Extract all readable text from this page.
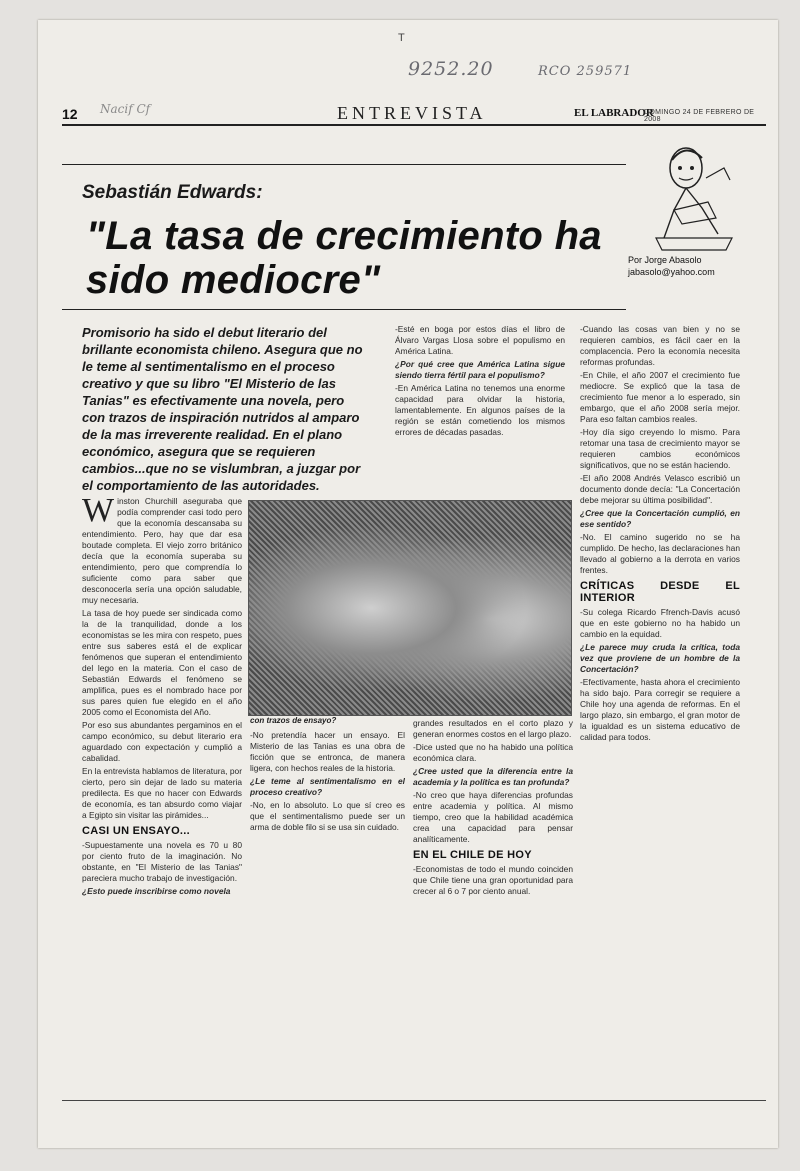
T
9252.20	RCO 259571
12 Nacif Cf	ENTREVISTA	EL LABRADOR
DOMINGO 24 DE FEBRERO DE 2008
Por Jorge Abasolo
jabasolo@yahoo.com
Sebastián Edwards:
"La tasa de crecimiento ha sido mediocre"
Promisorio ha sido el debut literario del brillante economista chileno. Asegura que no le teme al sentimentalismo en el proceso creativo y que su libro "El Misterio de las Tanias" es efectivamente una novela, pero con trazos de inspiración nutridos al amparo de la mas irreverente realidad. En el plano económico, asegura que se requieren cambios...que no se vislumbran, a juzgar por el comportamiento de las autoridades.

Winston Churchill aseguraba que podía comprender casi todo pero que la economía descansaba su entendimiento. Pero, hay que dar esa boutade completa. El viejo zorro británico decía que la economía superaba su entendimiento, pero que comprendía lo suficiente como para saber que desconocerla sería una opción saludable, muy necesaria.

La tasa de hoy puede ser sindicada como la de la tranquilidad, donde a los economistas se les mira con respeto, pues entre sus saberes está el de explicar fenómenos que superan el entendimiento del lego en la materia. Con el caso de Sebastián Edwards el fenómeno se amplifica, pues es el nombrado hace por sus pares quien fue elegido en el año 2005 como el Economista del Año.

Por eso sus abundantes pergaminos en el campo económico, su debut literario era aguardado con expectación y cumplió a cabalidad.

En la entrevista hablamos de literatura, por cierto, pero sin dejar de lado su materia predilecta. Es que no hacer con Edwards de economía, es tan absurdo como viajar a Egipto sin visitar las pirámides...

CASI UN ENSAYO...

-Supuestamente una novela es 70 u 80 por ciento fruto de la imaginación. No obstante, en "El Misterio de las Tanias" pareciera mucho trabajo de investigación.

¿Esto puede inscribirse como novela

-Esté en boga por estos días el libro de Álvaro Vargas Llosa sobre el populismo en América Latina.

¿Por qué cree que América Latina sigue siendo tierra fértil para el populismo?

-En América Latina no tenemos una enorme capacidad para olvidar la historia, lamentablemente. En algunos países de la región se están cometiendo los mismos errores de décadas pasadas.

-Cuando las cosas van bien y no se requieren cambios, es fácil caer en la complacencia. Pero la economía necesita reformas profundas.

-En Chile, el año 2007 el crecimiento fue mediocre. Se explicó que la tasa de crecimiento fue menor a lo esperado, sin embargo, que el año 2008 sería mejor. Para eso faltan cambios reales.

-Hoy día sigo creyendo lo mismo. Para retomar una tasa de crecimiento mayor se requieren cambios económicos significativos, que no se están haciendo.

-El año 2008 Andrés Velasco escribió un documento donde decía: "La Concertación debe mejorar su última posibilidad".

¿Cree que la Concertación cumplió, en ese sentido?

-No. El camino sugerido no se ha cumplido. De hecho, las declaraciones han llevado al gobierno a la derrota en varios frentes.

CRÍTICAS DESDE EL INTERIOR

-Su colega Ricardo Ffrench-Davis acusó que en este gobierno no ha habido un cambio en la equidad.

¿Le parece muy cruda la crítica, toda vez que proviene de un hombre de la Concertación?

-Efectivamente, hasta ahora el crecimiento ha sido bajo. Para corregir se requiere a Chile hoy una agenda de reformas. En el largo plazo, sin embargo, el gran motor de la igualdad es un sistema educativo de calidad para todos.

con trazos de ensayo?

-No pretendía hacer un ensayo. El Misterio de las Tanias es una obra de ficción que se entronca, de manera ligera, con hechos reales de la historia.

¿Le teme al sentimentalismo en el proceso creativo?

-No, en lo absoluto. Lo que sí creo es que el sentimentalismo puede ser un arma de doble filo si se usa sin cuidado.

grandes resultados en el corto plazo y generan enormes costos en el largo plazo.

-Dice usted que no ha habido una política económica clara.

¿Cree usted que la diferencia entre la academia y la política es tan profunda?

-No creo que haya diferencias profundas entre academia y política. Al mismo tiempo, creo que la habilidad académica crea una capacidad para pensar analíticamente.

EN EL CHILE DE HOY

-Economistas de todo el mundo coinciden que Chile tiene una gran oportunidad para crecer al 6 o 7 por ciento anual.
